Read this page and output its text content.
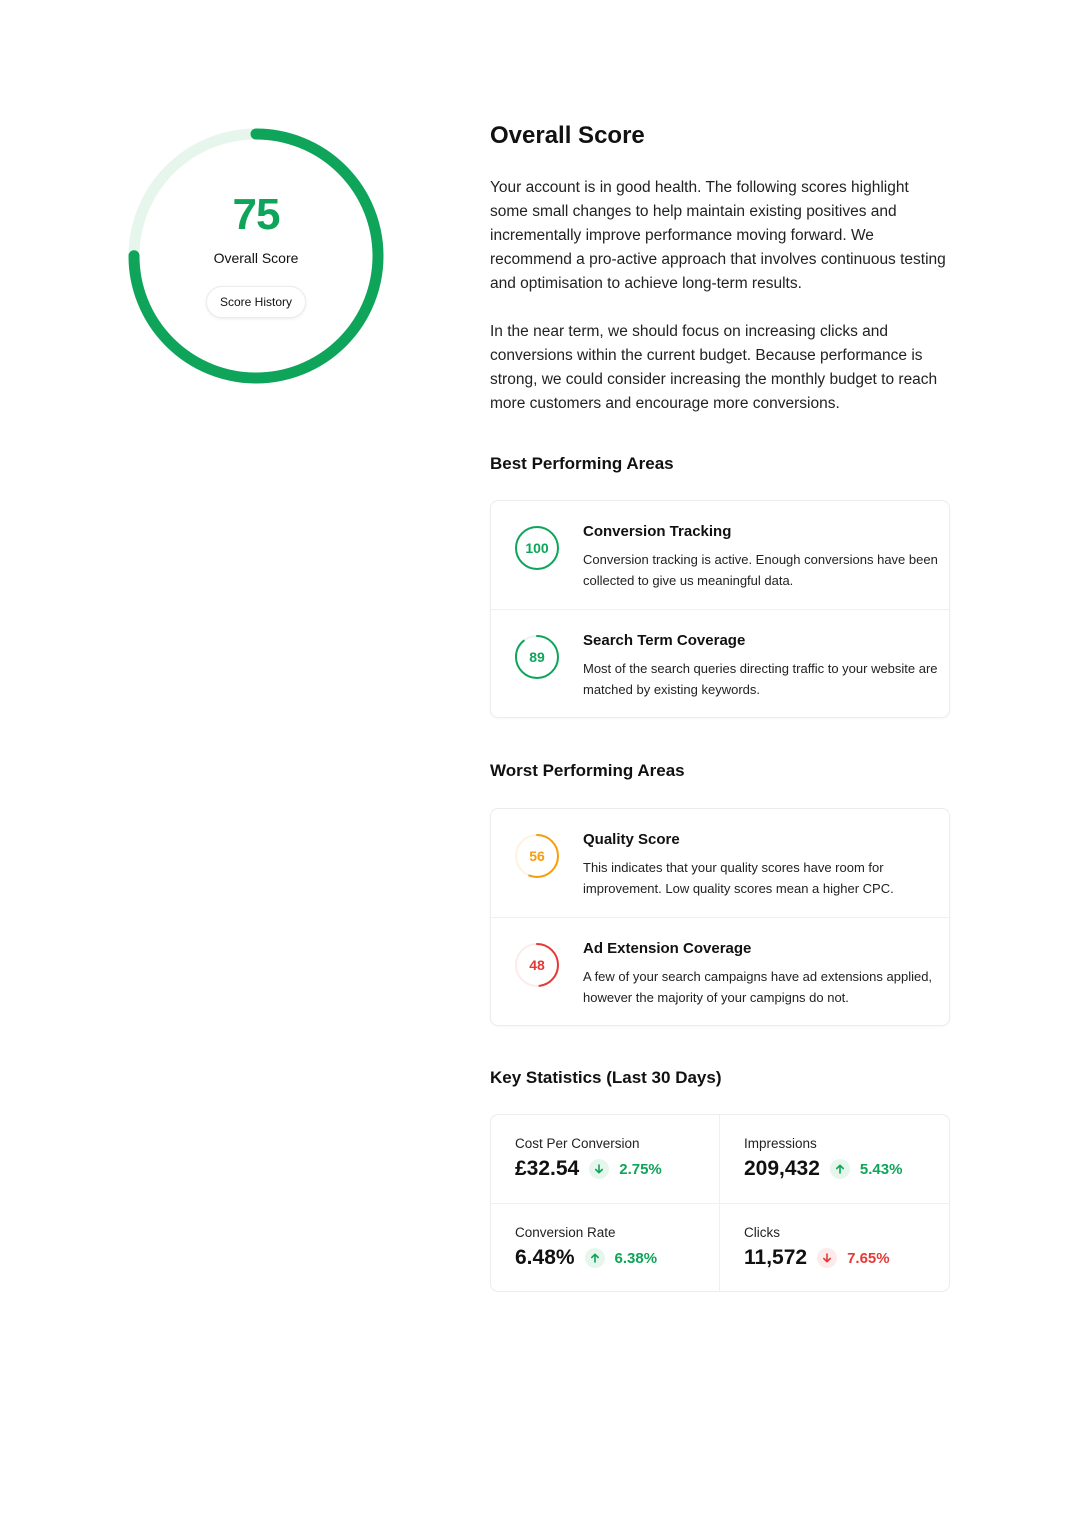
75
Overall Score
Score History
Overall Score

Your account is in good health. The following scores highlight some small changes to help maintain existing positives and incrementally improve performance moving forward. We recommend a pro-active approach that involves continuous testing and optimisation to achieve long-term results.

In the near term, we should focus on increasing clicks and conversions within the current budget. Because performance is strong, we could consider increasing the monthly budget to reach more customers and encourage more conversions.

Best Performing Areas
100
Conversion Tracking
Conversion tracking is active. Enough conversions have been collected to give us meaningful data.
89
Search Term Coverage
Most of the search queries directing traffic to your website are matched by existing keywords.
Worst Performing Areas
56
Quality Score
This indicates that your quality scores have room for improvement. Low quality scores mean a higher CPC.
48
Ad Extension Coverage
A few of your search campaigns have ad extensions applied, however the majority of your campigns do not.
Key Statistics (Last 30 Days)
Cost Per Conversion
£32.54	2.75%
Impressions
209,432	5.43%
Conversion Rate
6.48%	6.38%
Clicks
11,572	7.65%
